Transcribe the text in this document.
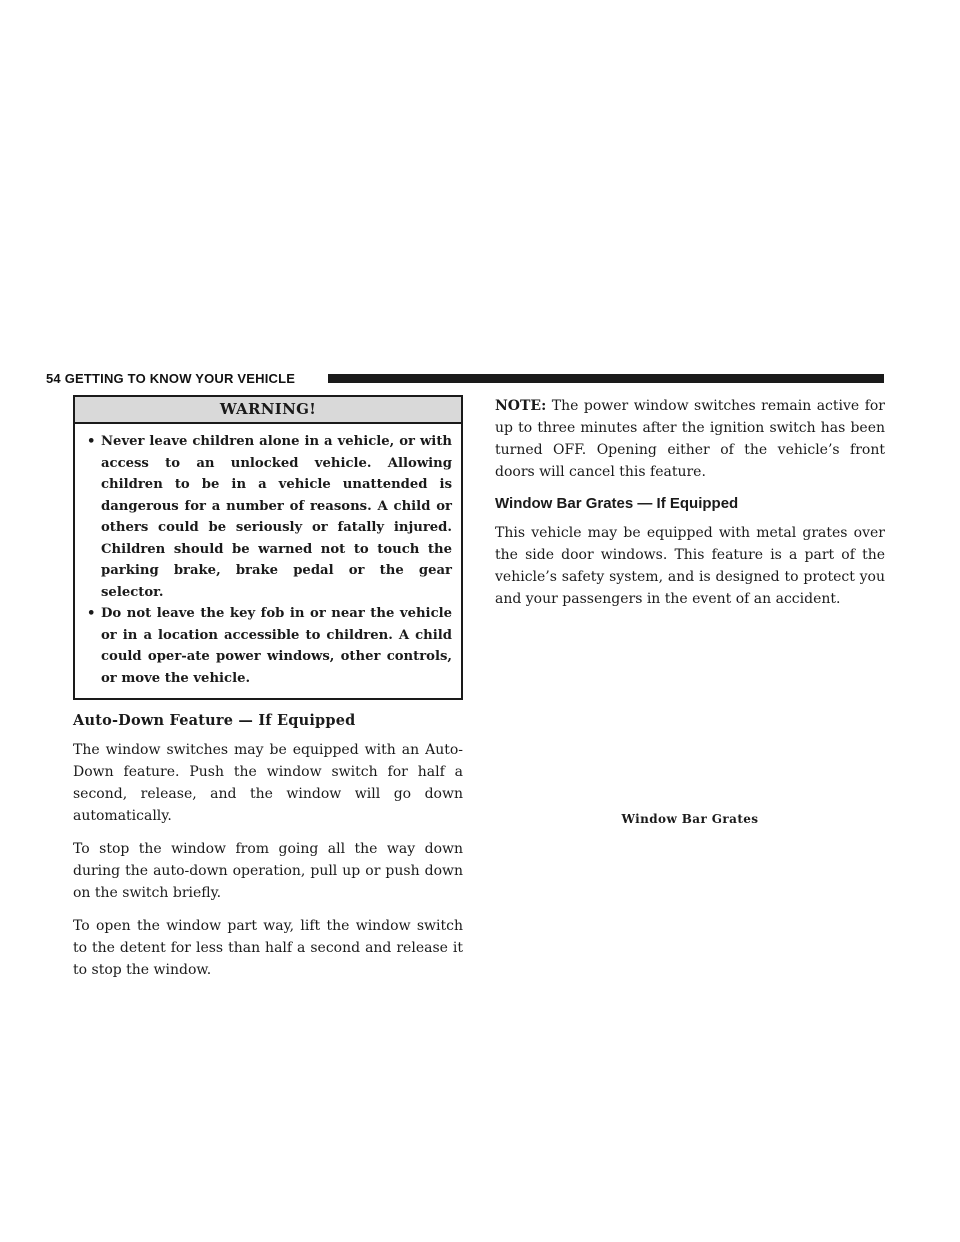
54 GETTING TO KNOW YOUR VEHICLE
WARNING!
• Never leave children alone in a vehicle, or with access to an unlocked vehicle. Allowing children to be in a vehicle unattended is dangerous for a number of reasons. A child or others could be seriously or fatally injured. Children should be warned not to touch the parking brake, brake pedal or the gear selector.
• Do not leave the key fob in or near the vehicle or in a location accessible to children. A child could oper-ate power windows, other controls, or move the vehicle.
Auto-Down Feature — If Equipped

The window switches may be equipped with an Auto-Down feature. Push the window switch for half a second, release, and the window will go down automatically.

To stop the window from going all the way down during the auto-down operation, pull up or push down on the switch briefly.

To open the window part way, lift the window switch to the detent for less than half a second and release it to stop the window.

NOTE: The power window switches remain active for up to three minutes after the ignition switch has been turned OFF. Opening either of the vehicle’s front doors will cancel this feature.

Window Bar Grates — If Equipped

This vehicle may be equipped with metal grates over the side door windows. This feature is a part of the vehicle’s safety system, and is designed to protect you and your passengers in the event of an accident.

Window Bar Grates
